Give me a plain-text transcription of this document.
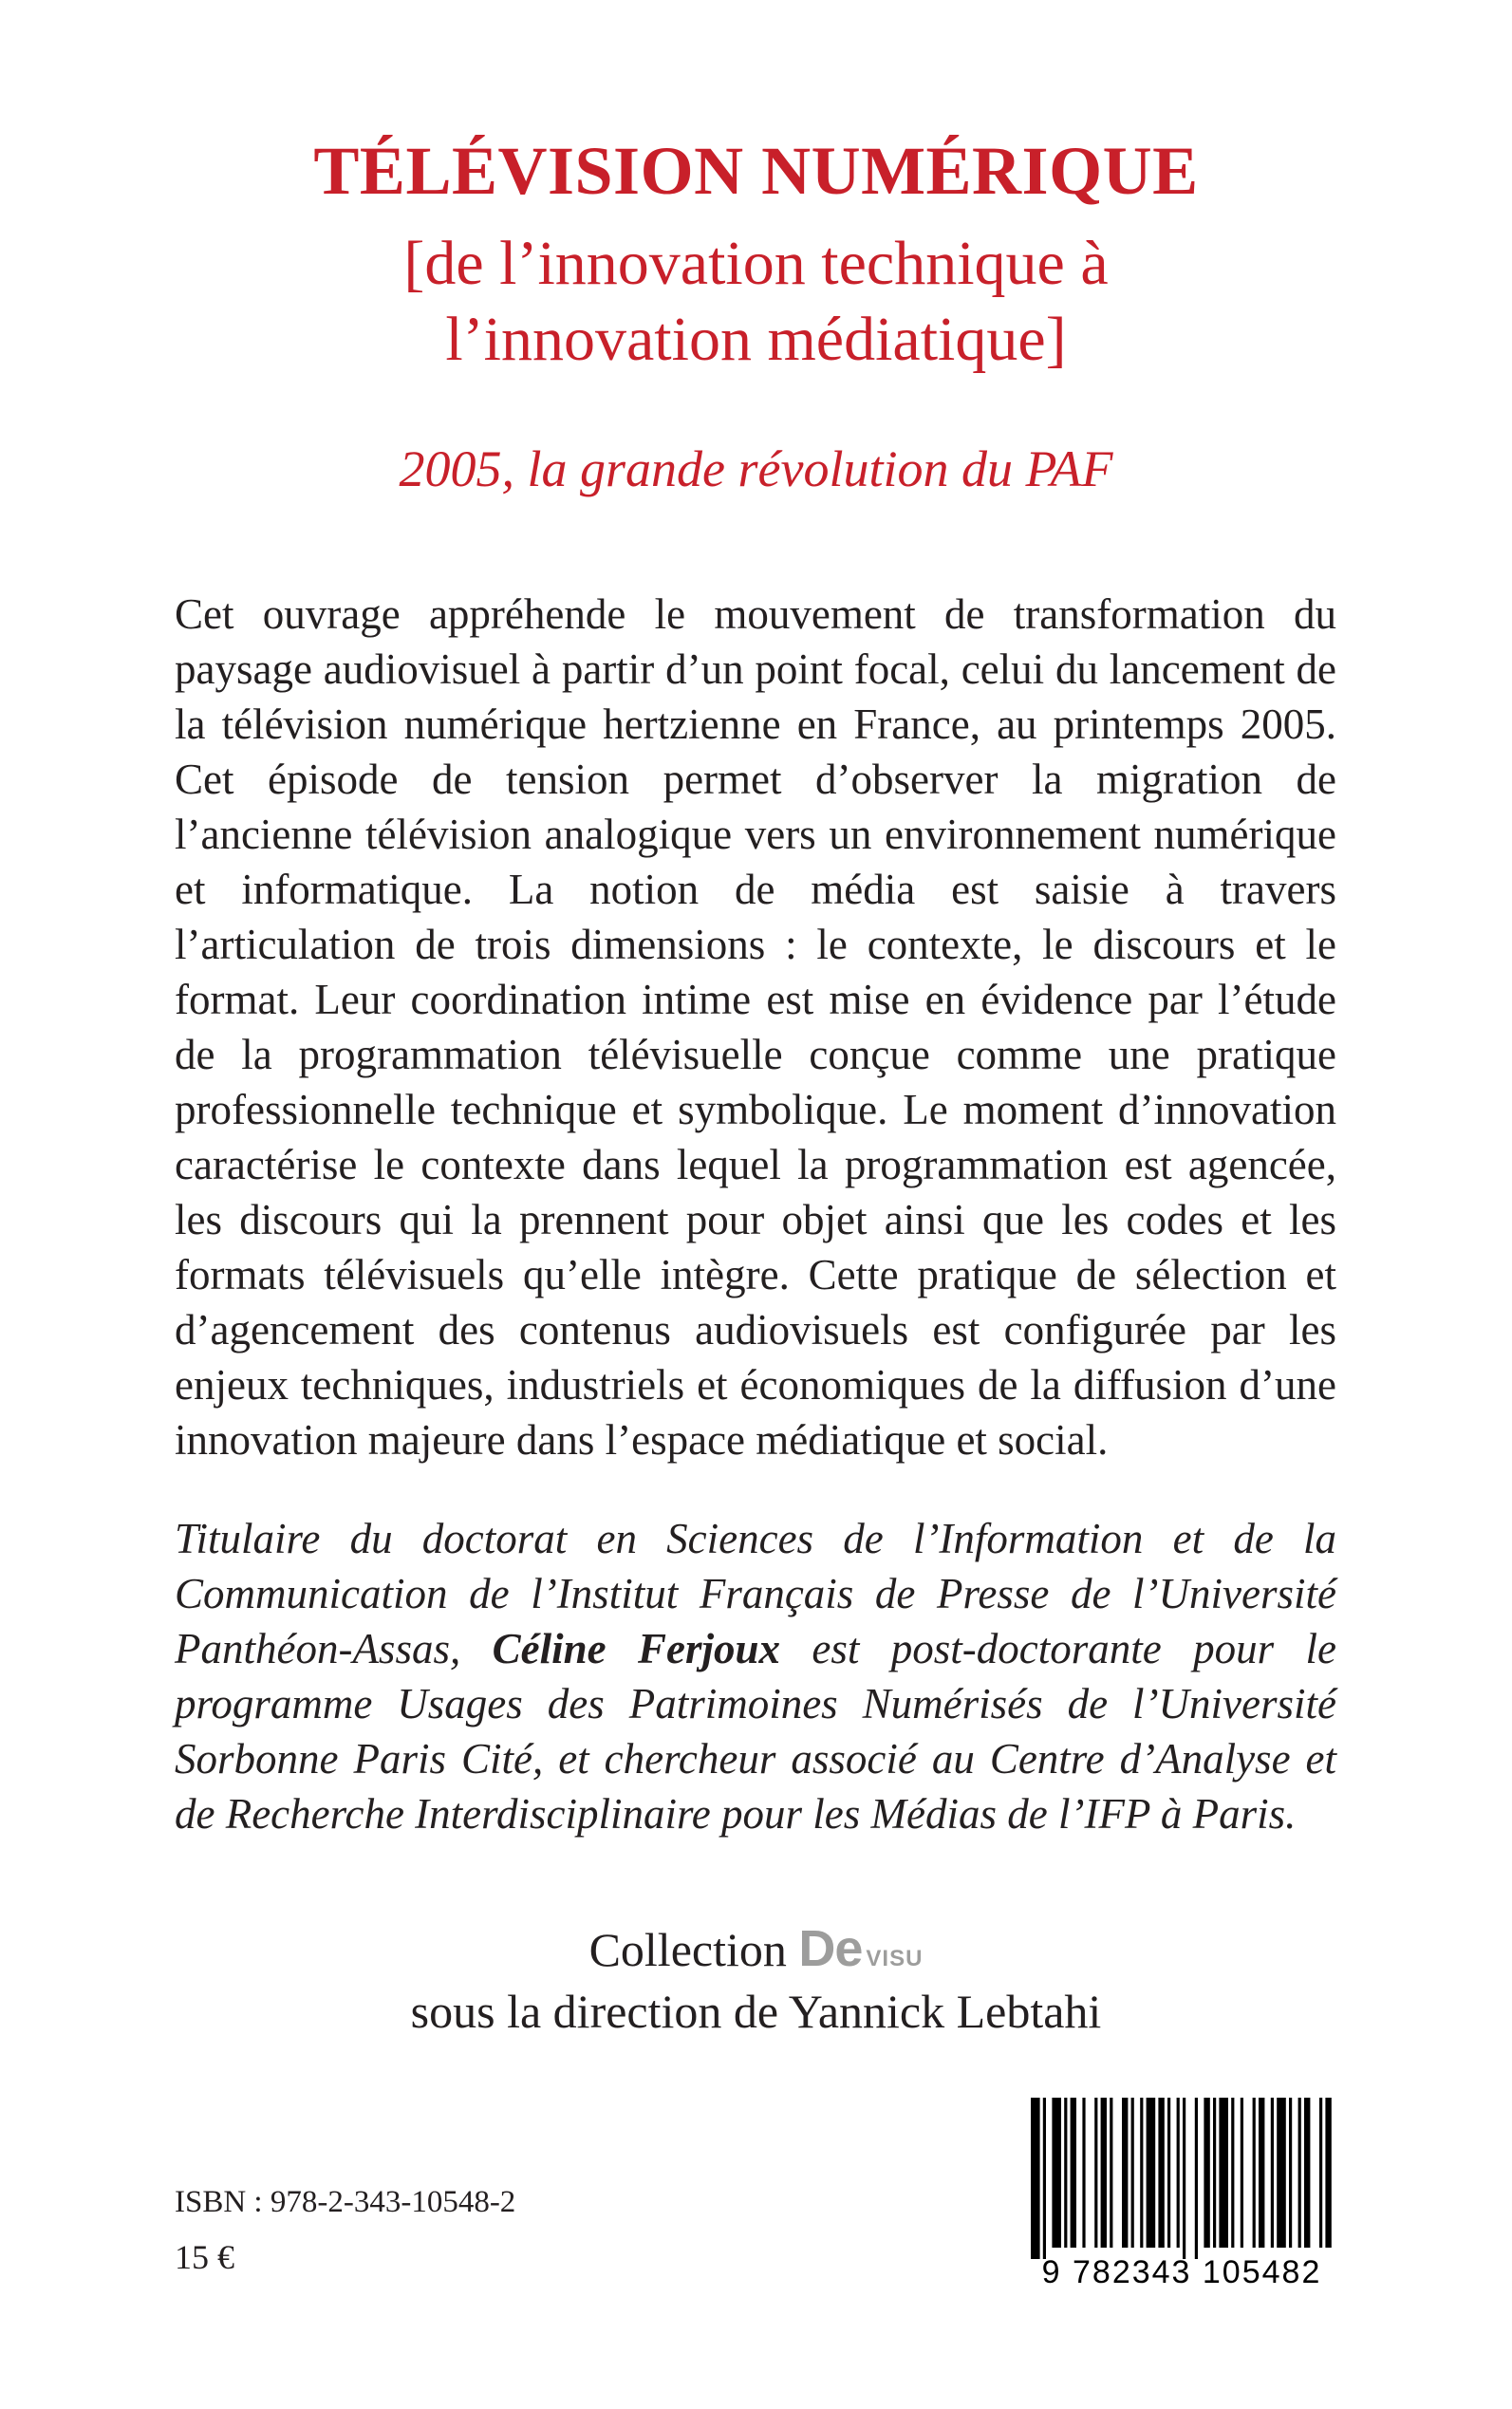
TÉLÉVISION NUMÉRIQUE
[de l’innovation technique à
l’innovation médiatique]
2005, la grande révolution du PAF

Cet ouvrage appréhende le mouvement de transformation du paysage audiovisuel à partir d’un point focal, celui du lancement de la télévision numérique hertzienne en France, au printemps 2005. Cet épisode de tension permet d’observer la migration de l’ancienne télévision analogique vers un environnement numérique et informatique. La notion de média est saisie à travers l’articulation de trois dimensions : le contexte, le discours et le format. Leur coordination intime est mise en évidence par l’étude de la programmation télévisuelle conçue comme une pratique professionnelle technique et symbolique. Le moment d’innovation caractérise le contexte dans lequel la programmation est agencée, les discours qui la prennent pour objet ainsi que les codes et les formats télévisuels qu’elle intègre. Cette pratique de sélection et d’agencement des contenus audiovisuels est configurée par les enjeux techniques, industriels et économiques de la diffusion d’une innovation majeure dans l’espace médiatique et social.

Titulaire du doctorat en Sciences de l’Information et de la Communication de l’Institut Français de Presse de l’Université Panthéon-Assas, Céline Ferjoux est post-doctorante pour le programme Usages des Patrimoines Numérisés de l’Université Sorbonne Paris Cité, et chercheur associé au Centre d’Analyse et de Recherche Interdisciplinaire pour les Médias de l’IFP à Paris.

Collection De VISU
sous la direction de Yannick Lebtahi
ISBN : 978-2-343-10548-2
15 €	9 782343 105482
